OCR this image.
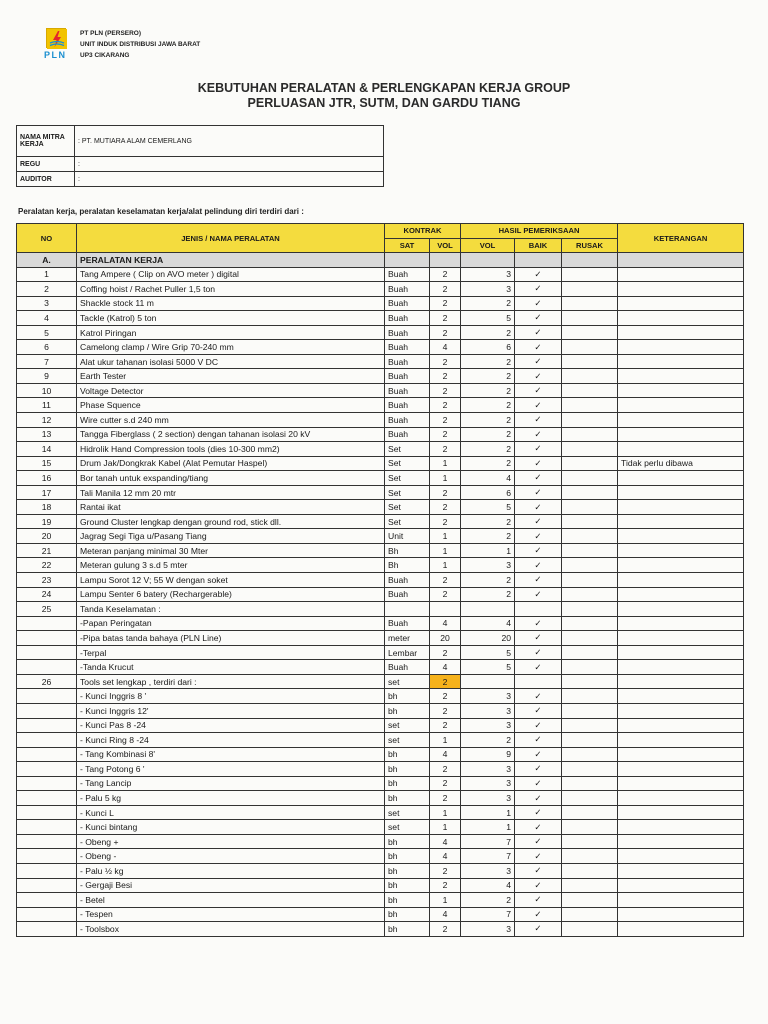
PLN
PT PLN (PERSERO)
UNIT INDUK DISTRIBUSI JAWA BARAT
UP3 CIKARANG
KEBUTUHAN PERALATAN & PERLENGKAPAN KERJA GROUP
PERLUASAN JTR, SUTM, DAN GARDU TIANG
NAMA MITRA KERJA	: PT. MUTIARA ALAM CEMERLANG
REGU	:
AUDITOR	:
Peralatan kerja, peralatan keselamatan kerja/alat pelindung diri terdiri dari :
NO	JENIS / NAMA PERALATAN	KONTRAK		HASIL PEMERIKSAAN			KETERANGAN
		SAT	VOL	VOL	BAIK	RUSAK	
A.	PERALATAN KERJA						
1	Tang Ampere ( Clip on AVO meter ) digital	Buah	2	3	✓		
2	Coffing hoist / Rachet Puller 1,5 ton	Buah	2	3	✓		
3	Shackle stock 11 m	Buah	2	2	✓		
4	Tackle (Katrol) 5 ton	Buah	2	5	✓		
5	Katrol Piringan	Buah	2	2	✓		
6	Camelong clamp / Wire Grip 70-240 mm	Buah	4	6	✓		
7	Alat ukur tahanan isolasi 5000 V DC	Buah	2	2	✓		
9	Earth Tester	Buah	2	2	✓		
10	Voltage Detector	Buah	2	2	✓		
11	Phase Squence	Buah	2	2	✓		
12	Wire cutter s.d 240 mm	Buah	2	2	✓		
13	Tangga Fiberglass ( 2 section) dengan tahanan isolasi 20 kV	Buah	2	2	✓		
14	Hidrolik Hand Compression tools (dies 10-300 mm2)	Set	2	2	✓		
15	Drum Jak/Dongkrak Kabel (Alat Pemutar Haspel)	Set	1	2	✓		Tidak perlu dibawa
16	Bor tanah untuk exspanding/tiang	Set	1	4	✓		
17	Tali Manila 12 mm 20 mtr	Set	2	6	✓		
18	Rantai ikat	Set	2	5	✓		
19	Ground Cluster lengkap dengan ground rod, stick dll.	Set	2	2	✓		
20	Jagrag Segi Tiga u/Pasang Tiang	Unit	1	2	✓		
21	Meteran panjang minimal 30 Mter	Bh	1	1	✓		
22	Meteran gulung 3 s.d 5 mter	Bh	1	3	✓		
23	Lampu Sorot 12 V; 55 W dengan soket	Buah	2	2	✓		
24	Lampu Senter 6 batery (Rechargerable)	Buah	2	2	✓		
25	Tanda Keselamatan :						
	-Papan Peringatan	Buah	4	4	✓		
	-Pipa batas tanda bahaya (PLN Line)	meter	20	20	✓		
	-Terpal	Lembar	2	5	✓		
	-Tanda Krucut	Buah	4	5	✓		
26	Tools set lengkap , terdiri dari :	set	2				
	- Kunci Inggris 8 '	bh	2	3	✓		
	- Kunci Inggris 12'	bh	2	3	✓		
	- Kunci Pas 8 -24	set	2	3	✓		
	- Kunci Ring 8 -24	set	1	2	✓		
	- Tang Kombinasi 8'	bh	4	9	✓		
	- Tang Potong 6 '	bh	2	3	✓		
	- Tang Lancip	bh	2	3	✓		
	- Palu 5 kg	bh	2	3	✓		
	- Kunci L	set	1	1	✓		
	- Kunci bintang	set	1	1	✓		
	- Obeng +	bh	4	7	✓		
	- Obeng -	bh	4	7	✓		
	- Palu ½ kg	bh	2	3	✓		
	- Gergaji Besi	bh	2	4	✓		
	- Betel	bh	1	2	✓		
	- Tespen	bh	4	7	✓		
	- Toolsbox	bh	2	3	✓		
